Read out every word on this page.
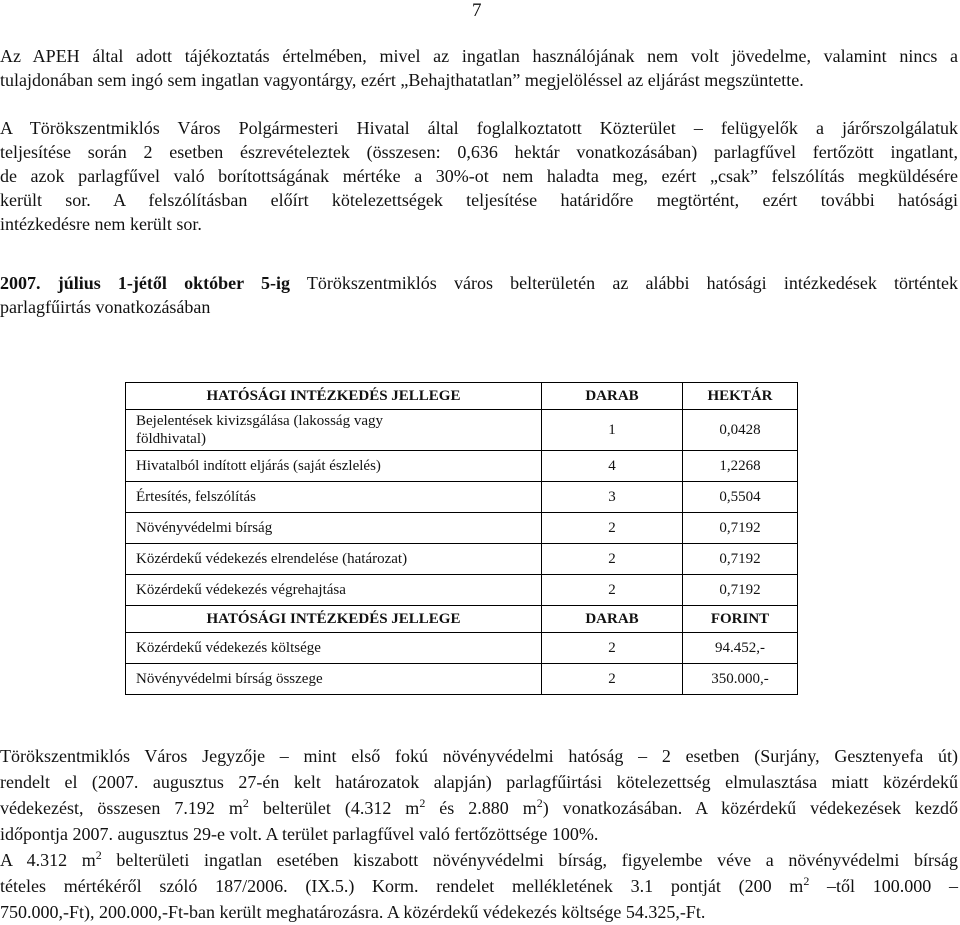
7
Az APEH által adott tájékoztatás értelmében, mivel az ingatlan használójának nem volt jövedelme, valamint nincs a
tulajdonában sem ingó sem ingatlan vagyontárgy, ezért „Behajthatatlan” megjelöléssel az eljárást megszüntette.
A Törökszentmiklós Város Polgármesteri Hivatal által foglalkoztatott Közterület – felügyelők a járőrszolgálatuk
teljesítése során 2 esetben észrevételeztek (összesen: 0,636 hektár vonatkozásában) parlagfűvel fertőzött ingatlant,
de azok parlagfűvel való borítottságának mértéke a 30%-ot nem haladta meg, ezért „csak” felszólítás megküldésére
került sor. A felszólításban előírt kötelezettségek teljesítése határidőre megtörtént, ezért további hatósági
intézkedésre nem került sor.
2007. július 1-jétől október 5-ig Törökszentmiklós város belterületén az alábbi hatósági intézkedések történtek
parlagfűirtás vonatkozásában
HATÓSÁGI INTÉZKEDÉS JELLEGE	DARAB	HEKTÁR

Bejelentések kivizsgálása (lakosság vagy
földhivatal)	1	0,0428
Hivatalból indított eljárás (saját észlelés)	4	1,2268
Értesítés, felszólítás	3	0,5504
Növényvédelmi bírság	2	0,7192
Közérdekű védekezés elrendelése (határozat)	2	0,7192
Közérdekű védekezés végrehajtása	2	0,7192
HATÓSÁGI INTÉZKEDÉS JELLEGE	DARAB	FORINT
Közérdekű védekezés költsége	2	94.452,-
Növényvédelmi bírság összege	2	350.000,-
Törökszentmiklós Város Jegyzője – mint első fokú növényvédelmi hatóság – 2 esetben (Surjány, Gesztenyefa út)
rendelt el (2007. augusztus 27-én kelt határozatok alapján) parlagfűirtási kötelezettség elmulasztása miatt közérdekű
védekezést, összesen 7.192 $m^2$ belterület (4.312 $m^2$ és 2.880 $m^2$) vonatkozásában. A közérdekű védekezések kezdő
időpontja 2007. augusztus 29-e volt. A terület parlagfűvel való fertőzöttsége 100%.
A 4.312 $m^2$ belterületi ingatlan esetében kiszabott növényvédelmi bírság, figyelembe véve a növényvédelmi bírság
tételes mértékéről szóló 187/2006. (IX.5.) Korm. rendelet mellékletének 3.1 pontját (200 $m^2$ –től 100.000 –
750.000,-Ft), 200.000,-Ft-ban került meghatározásra. A közérdekű védekezés költsége 54.325,-Ft.
